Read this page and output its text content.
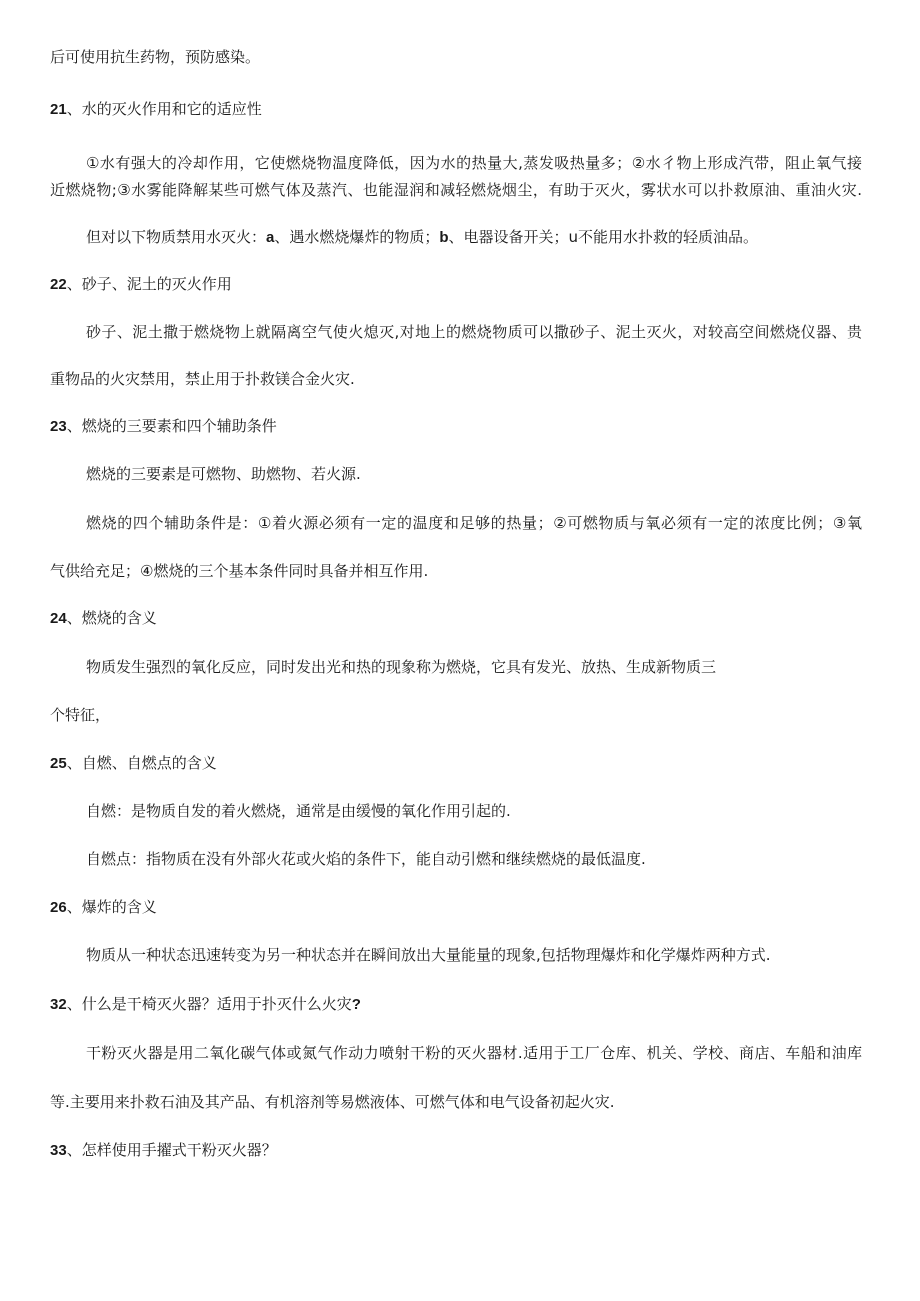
后可使用抗生药物，预防感染。
21、水的灭火作用和它的适应性
①水有强大的冷却作用，它使燃烧物温度降低，因为水的热量大,蒸发吸热量多；②水彳物上形成汽带，阻止氧气接
近燃烧物;③水雾能降解某些可燃气体及蒸汽、也能湿润和减轻燃烧烟尘，有助于灭火，雾状水可以扑救原油、重油火灾.
但对以下物质禁用水灭火：a、遇水燃烧爆炸的物质；b、电器设备开关；u不能用水扑救的轻质油品。
22、砂子、泥土的灭火作用
砂子、泥土撒于燃烧物上就隔离空气使火熄灭,对地上的燃烧物质可以撒砂子、泥土灭火，对较高空间燃烧仪器、贵
重物品的火灾禁用，禁止用于扑救镁合金火灾.
23、燃烧的三要素和四个辅助条件
燃烧的三要素是可燃物、助燃物、若火源.
燃烧的四个辅助条件是：①着火源必须有一定的温度和足够的热量；②可燃物质与氧必须有一定的浓度比例；③氧
气供给充足；④燃烧的三个基本条件同时具备并相互作用.
24、燃烧的含义
物质发生强烈的氧化反应，同时发出光和热的现象称为燃烧，它具有发光、放热、生成新物质三
个特征，
25、自燃、自燃点的含义
自燃：是物质自发的着火燃烧，通常是由缓慢的氧化作用引起的.
自燃点：指物质在没有外部火花或火焰的条件下，能自动引燃和继续燃烧的最低温度.
26、爆炸的含义
物质从一种状态迅速转变为另一种状态并在瞬间放出大量能量的现象,包括物理爆炸和化学爆炸两种方式.
32、什么是干椅灭火器？适用于扑灭什么火灾?
干粉灭火器是用二氧化碳气体或氮气作动力喷射干粉的灭火器材.适用于工厂仓库、机关、学校、商店、车船和油库
等.主要用来扑救石油及其产品、有机溶剂等易燃液体、可燃气体和电气设备初起火灾.
33、怎样使用手擢式干粉灭火器？
